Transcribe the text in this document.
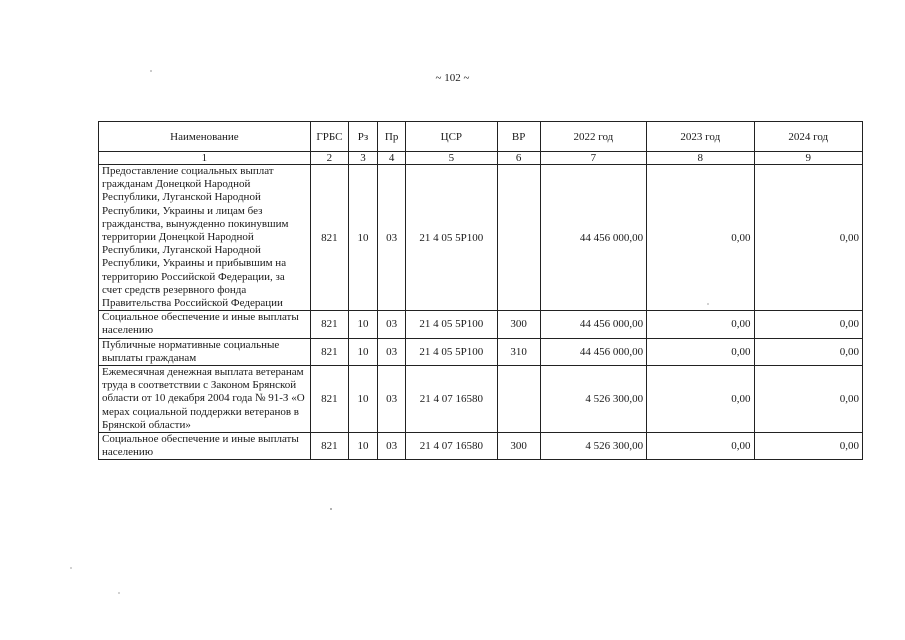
~ 102 ~
Наименование	ГРБС	Рз	Пр	ЦСР	ВР	2022 год	2023 год	2024 год
1	2	3	4	5	6	7	8	9
Предоставление социальных выплат гражданам Донецкой Народной Республики, Луганской Народной Республики, Украины и лицам без гражданства, вынужденно покинувшим территории Донецкой Народной Республики, Луганской Народной Республики, Украины и прибывшим на территорию Российской Федерации, за счет средств резервного фонда Правительства Российской Федерации	821	10	03	21 4 05 5Р100		44 456 000,00	0,00	0,00
Социальное обеспечение и иные выплаты населению	821	10	03	21 4 05 5Р100	300	44 456 000,00	0,00	0,00
Публичные нормативные социальные выплаты гражданам	821	10	03	21 4 05 5Р100	310	44 456 000,00	0,00	0,00
Ежемесячная денежная выплата ветеранам труда в соответствии с Законом Брянской области от 10 декабря 2004 года № 91-З «О мерах социальной поддержки ветеранов в Брянской области»	821	10	03	21 4 07 16580		4 526 300,00	0,00	0,00
Социальное обеспечение и иные выплаты населению	821	10	03	21 4 07 16580	300	4 526 300,00	0,00	0,00
